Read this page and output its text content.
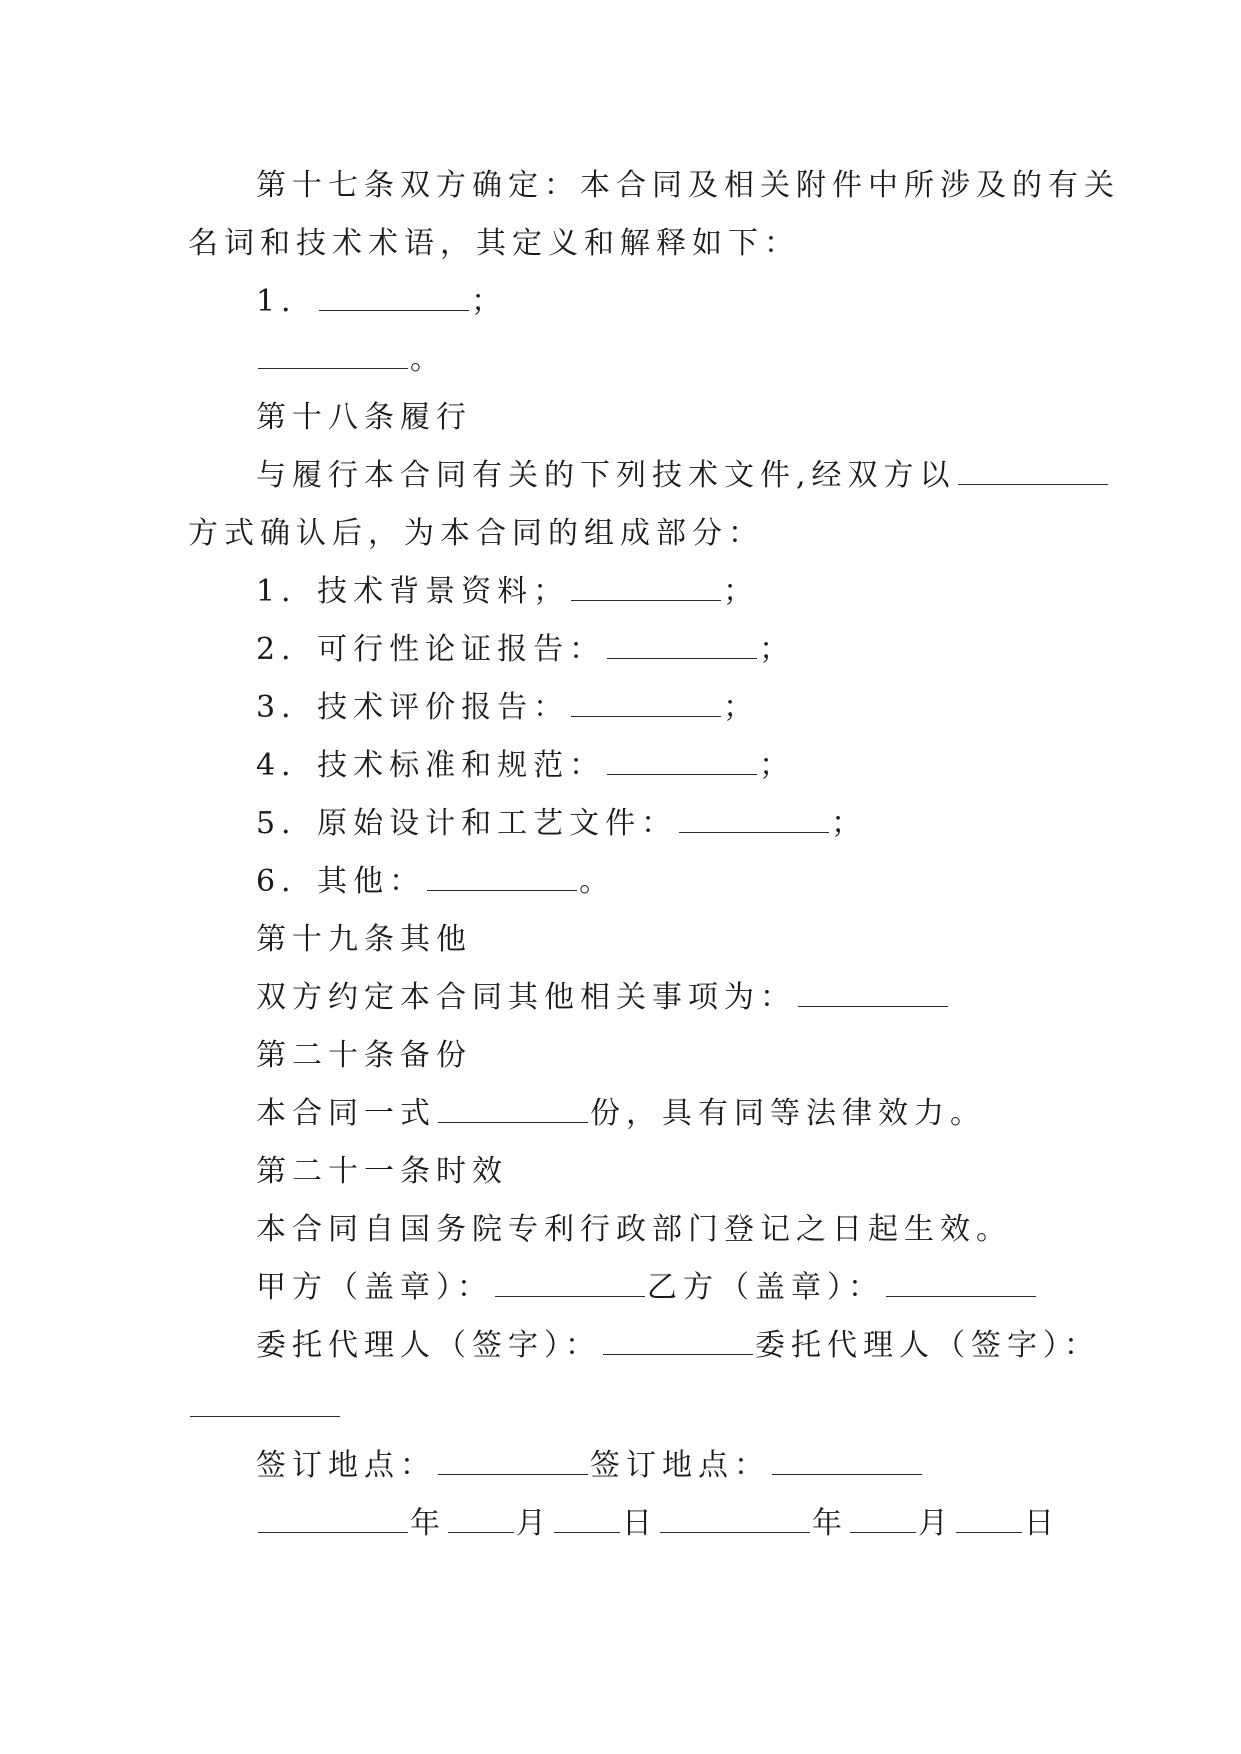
第十七条双方确定：本合同及相关附件中所涉及的有关
名词和技术术语，其定义和解释如下：
1．	；
。
第十八条履行
与履行本合同有关的下列技术文件,经双方以
方式确认后，为本合同的组成部分：
1．技术背景资料；	；
2．可行性论证报告：	；
3．技术评价报告：	；
4．技术标准和规范：	；
5．原始设计和工艺文件：	；
6．其他：	。
第十九条其他
双方约定本合同其他相关事项为：
第二十条备份
本合同一式	份，具有同等法律效力。
第二十一条时效
本合同自国务院专利行政部门登记之日起生效。
甲方（盖章）：	乙方（盖章）：
委托代理人（签字）：	委托代理人（签字）：
签订地点：	签订地点：
年 月 日	年 月 日
